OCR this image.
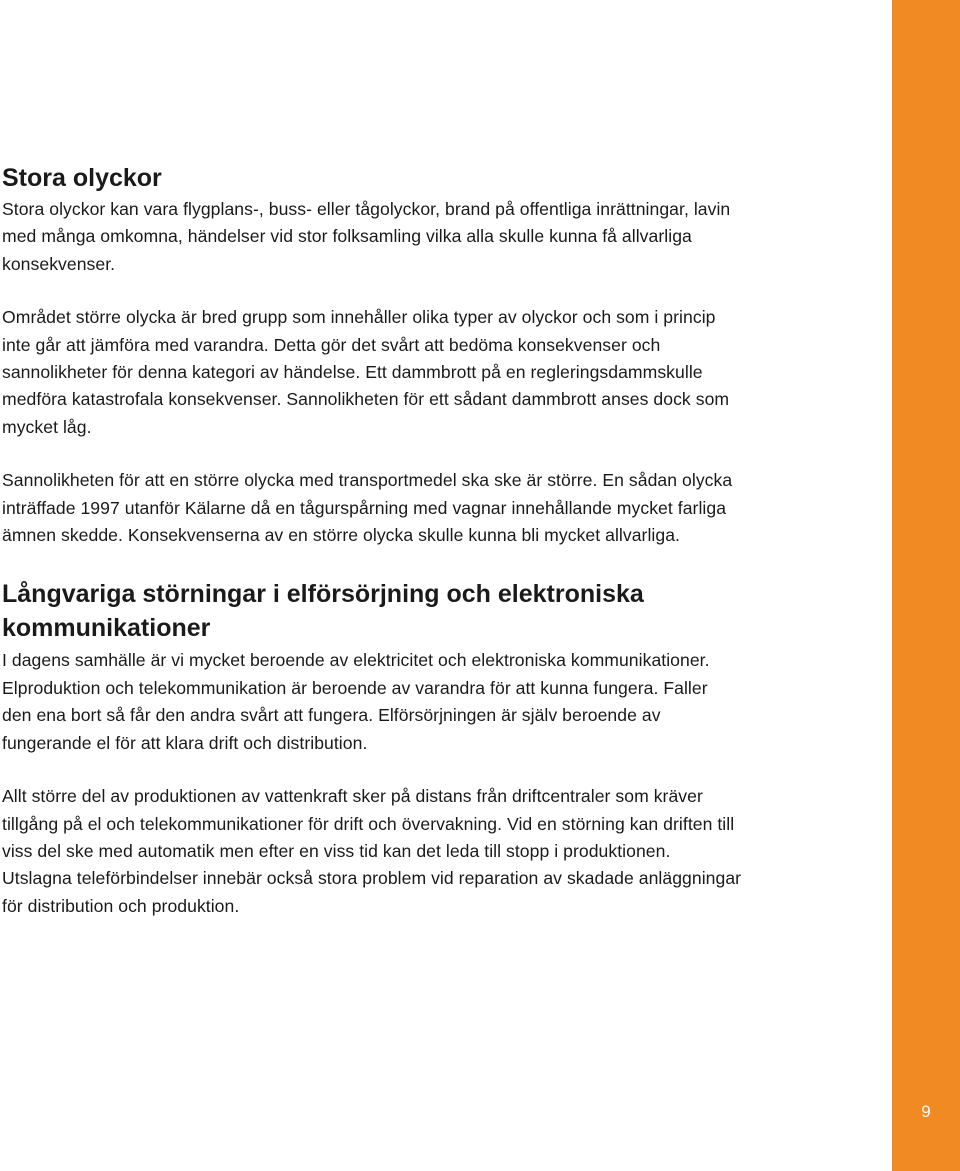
9
Stora olyckor

Stora olyckor kan vara flygplans-, buss- eller tågolyckor, brand på offentliga inrättningar, lavin med många omkomna, händelser vid stor folksamling vilka alla skulle kunna få allvarliga konsekvenser.

Området större olycka är bred grupp som innehåller olika typer av olyckor och som i princip inte går att jämföra med varandra. Detta gör det svårt att bedöma konsekvenser och sannolikheter för denna kategori av händelse. Ett dammbrott på en regleringsdammskulle medföra katastrofala konsekvenser. Sannolikheten för ett sådant dammbrott anses dock som mycket låg.

Sannolikheten för att en större olycka med transportmedel ska ske är större. En sådan olycka inträffade 1997 utanför Kälarne då en tågurspårning med vagnar innehållande mycket farliga ämnen skedde. Konsekvenserna av en större olycka skulle kunna bli mycket allvarliga.

Långvariga störningar i elförsörjning och elektroniska kommunikationer

I dagens samhälle är vi mycket beroende av elektricitet och elektroniska kommunikationer. Elproduktion och telekommunikation är beroende av varandra för att kunna fungera. Faller den ena bort så får den andra svårt att fungera. Elförsörjningen är själv beroende av fungerande el för att klara drift och distribution.

Allt större del av produktionen av vattenkraft sker på distans från driftcentraler som kräver tillgång på el och telekommunikationer för drift och övervakning. Vid en störning kan driften till viss del ske med automatik men efter en viss tid kan det leda till stopp i produktionen. Utslagna teleförbindelser innebär också stora problem vid reparation av skadade anläggningar för distribution och produktion.
